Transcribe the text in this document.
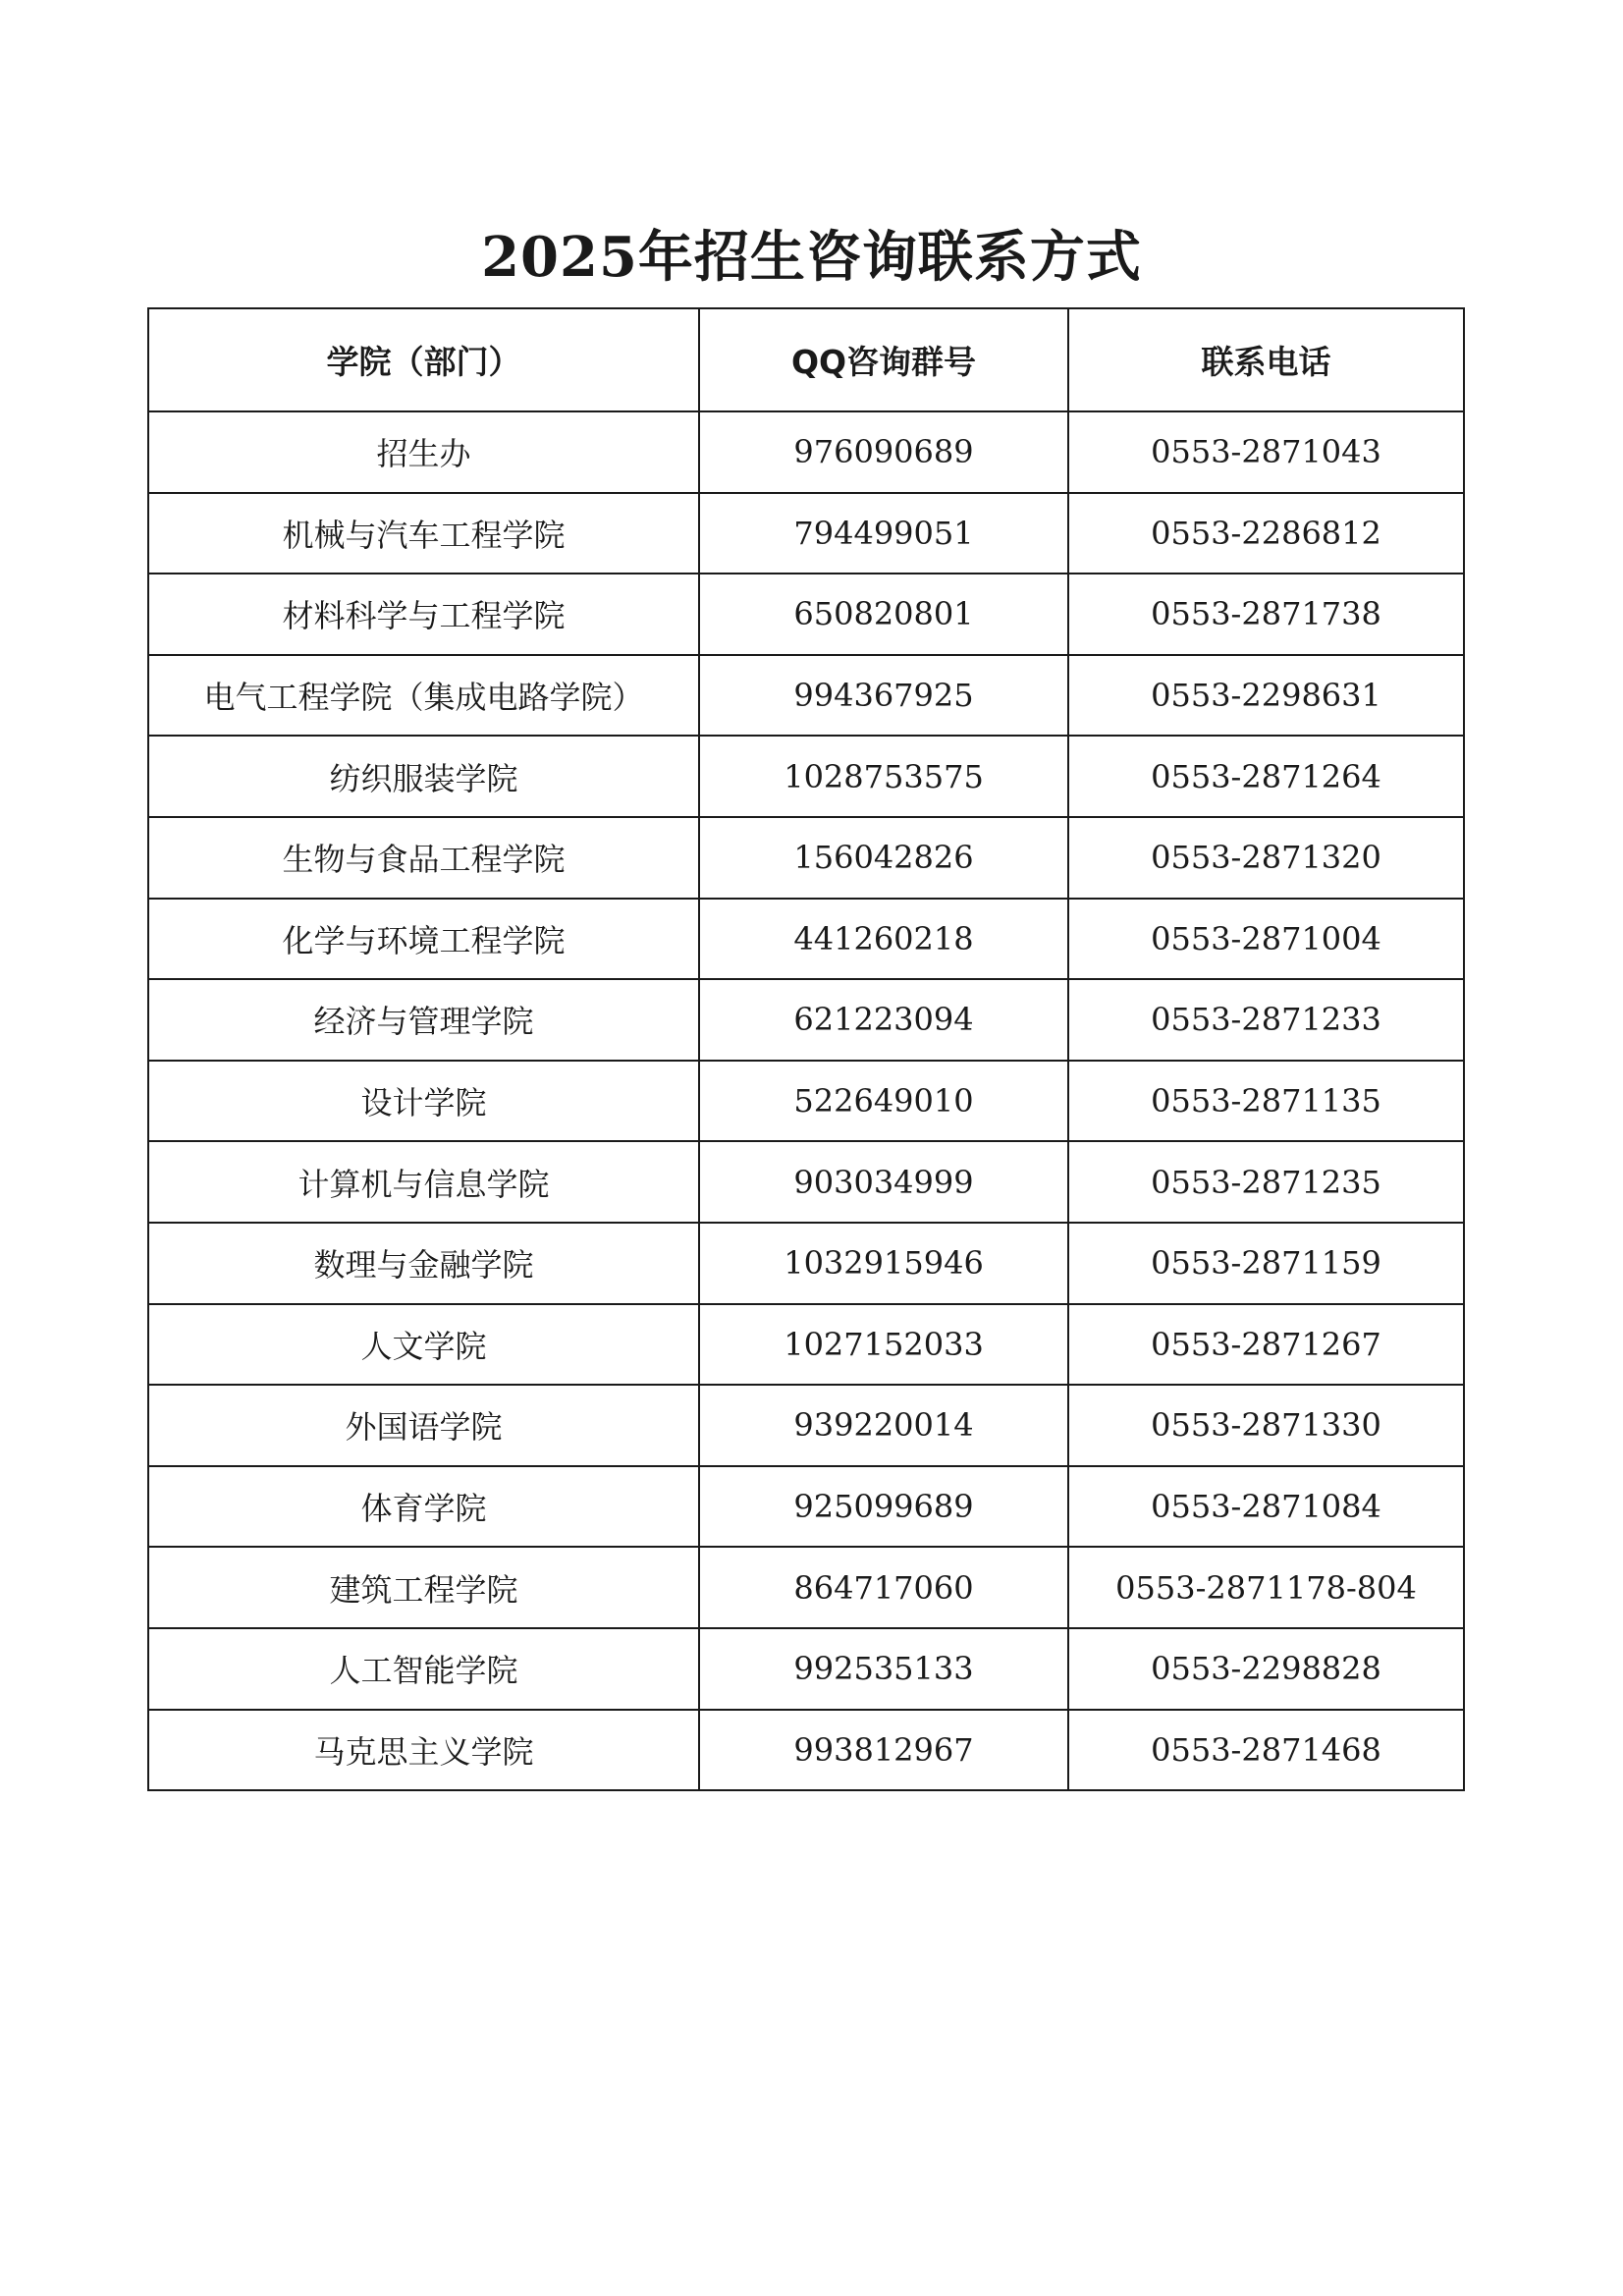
2025年招生咨询联系方式
学院（部门）	QQ咨询群号	联系电话
招生办	976090689	0553-2871043
机械与汽车工程学院	794499051	0553-2286812
材料科学与工程学院	650820801	0553-2871738
电气工程学院（集成电路学院）	994367925	0553-2298631
纺织服装学院	1028753575	0553-2871264
生物与食品工程学院	156042826	0553-2871320
化学与环境工程学院	441260218	0553-2871004
经济与管理学院	621223094	0553-2871233
设计学院	522649010	0553-2871135
计算机与信息学院	903034999	0553-2871235
数理与金融学院	1032915946	0553-2871159
人文学院	1027152033	0553-2871267
外国语学院	939220014	0553-2871330
体育学院	925099689	0553-2871084
建筑工程学院	864717060	0553-2871178-804
人工智能学院	992535133	0553-2298828
马克思主义学院	993812967	0553-2871468
